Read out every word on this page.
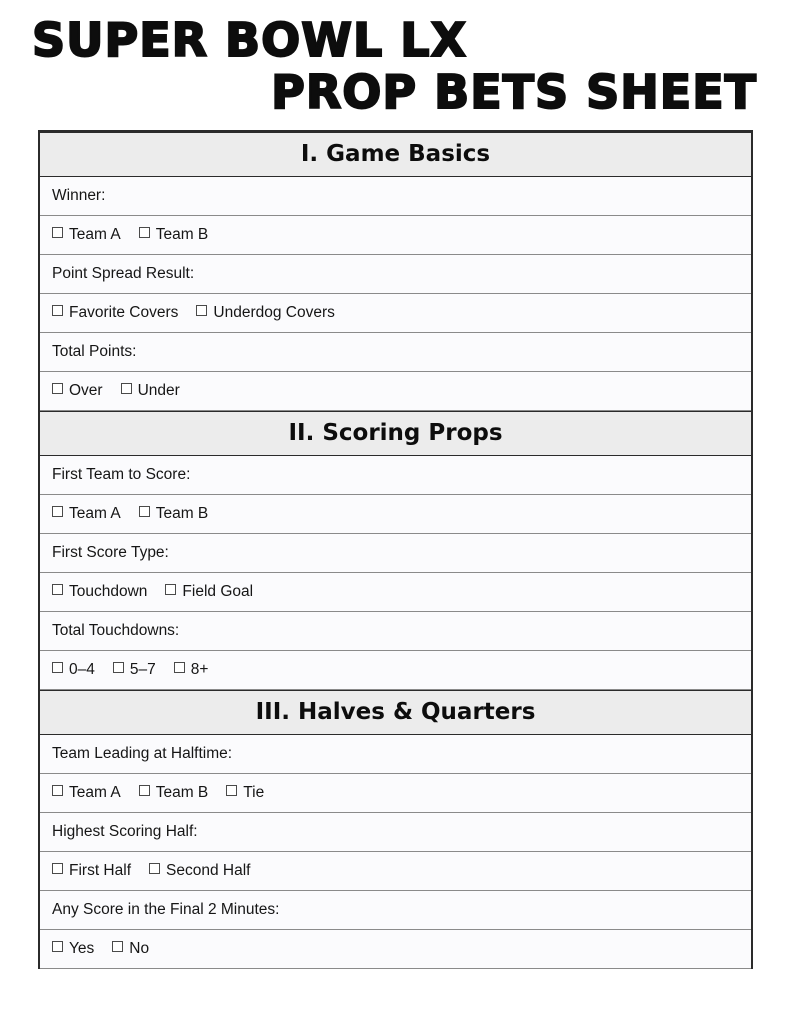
SUPER BOWL LX
PROP BETS SHEET
I. Game Basics
Winner:
Team A Team B
Point Spread Result:
Favorite Covers Underdog Covers
Total Points:
Over Under
II. Scoring Props
First Team to Score:
Team A Team B
First Score Type:
Touchdown Field Goal
Total Touchdowns:
0–4 5–7 8+
III. Halves & Quarters
Team Leading at Halftime:
Team A Team B Tie
Highest Scoring Half:
First Half Second Half
Any Score in the Final 2 Minutes:
Yes No
